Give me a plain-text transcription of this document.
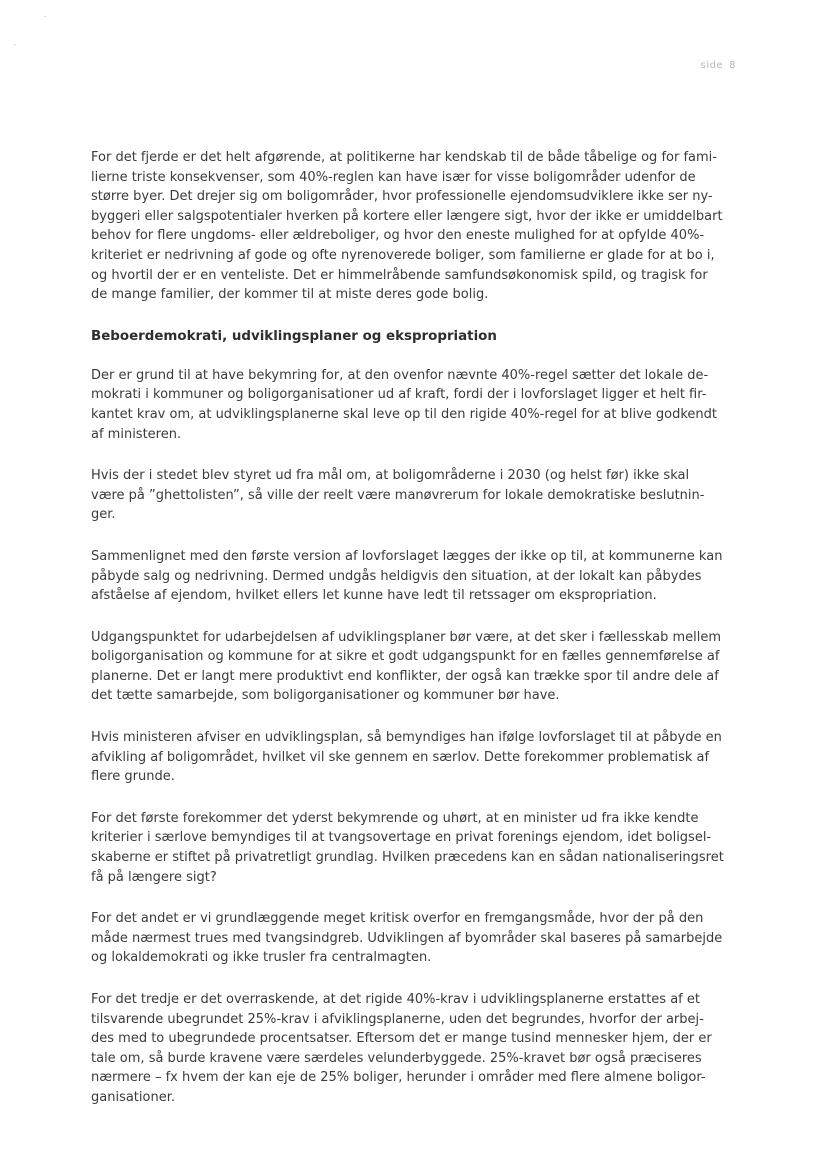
side 8
For det fjerde er det helt afgørende, at politikerne har kendskab til de både tåbelige og for fami-
lierne triste konsekvenser, som 40%-reglen kan have især for visse boligområder udenfor de
større byer. Det drejer sig om boligområder, hvor professionelle ejendomsudviklere ikke ser ny-
byggeri eller salgspotentialer hverken på kortere eller længere sigt, hvor der ikke er umiddelbart
behov for flere ungdoms- eller ældreboliger, og hvor den eneste mulighed for at opfylde 40%-
kriteriet er nedrivning af gode og ofte nyrenoverede boliger, som familierne er glade for at bo i,
og hvortil der er en venteliste. Det er himmelråbende samfundsøkonomisk spild, og tragisk for
de mange familier, der kommer til at miste deres gode bolig.
Beboerdemokrati, udviklingsplaner og ekspropriation
Der er grund til at have bekymring for, at den ovenfor nævnte 40%-regel sætter det lokale de-
mokrati i kommuner og boligorganisationer ud af kraft, fordi der i lovforslaget ligger et helt fir-
kantet krav om, at udviklingsplanerne skal leve op til den rigide 40%-regel for at blive godkendt
af ministeren.
Hvis der i stedet blev styret ud fra mål om, at boligområderne i 2030 (og helst før) ikke skal
være på ”ghettolisten”, så ville der reelt være manøvrerum for lokale demokratiske beslutnin-
ger.
Sammenlignet med den første version af lovforslaget lægges der ikke op til, at kommunerne kan
påbyde salg og nedrivning. Dermed undgås heldigvis den situation, at der lokalt kan påbydes
afståelse af ejendom, hvilket ellers let kunne have ledt til retssager om ekspropriation.
Udgangspunktet for udarbejdelsen af udviklingsplaner bør være, at det sker i fællesskab mellem
boligorganisation og kommune for at sikre et godt udgangspunkt for en fælles gennemførelse af
planerne. Det er langt mere produktivt end konflikter, der også kan trække spor til andre dele af
det tætte samarbejde, som boligorganisationer og kommuner bør have.
Hvis ministeren afviser en udviklingsplan, så bemyndiges han ifølge lovforslaget til at påbyde en
afvikling af boligområdet, hvilket vil ske gennem en særlov. Dette forekommer problematisk af
flere grunde.
For det første forekommer det yderst bekymrende og uhørt, at en minister ud fra ikke kendte
kriterier i særlove bemyndiges til at tvangsovertage en privat forenings ejendom, idet boligsel-
skaberne er stiftet på privatretligt grundlag. Hvilken præcedens kan en sådan nationaliseringsret
få på længere sigt?
For det andet er vi grundlæggende meget kritisk overfor en fremgangsmåde, hvor der på den
måde nærmest trues med tvangsindgreb. Udviklingen af byområder skal baseres på samarbejde
og lokaldemokrati og ikke trusler fra centralmagten.
For det tredje er det overraskende, at det rigide 40%-krav i udviklingsplanerne erstattes af et
tilsvarende ubegrundet 25%-krav i afviklingsplanerne, uden det begrundes, hvorfor der arbej-
des med to ubegrundede procentsatser. Eftersom det er mange tusind mennesker hjem, der er
tale om, så burde kravene være særdeles velunderbyggede. 25%-kravet bør også præciseres
nærmere – fx hvem der kan eje de 25% boliger, herunder i områder med flere almene boligor-
ganisationer.
